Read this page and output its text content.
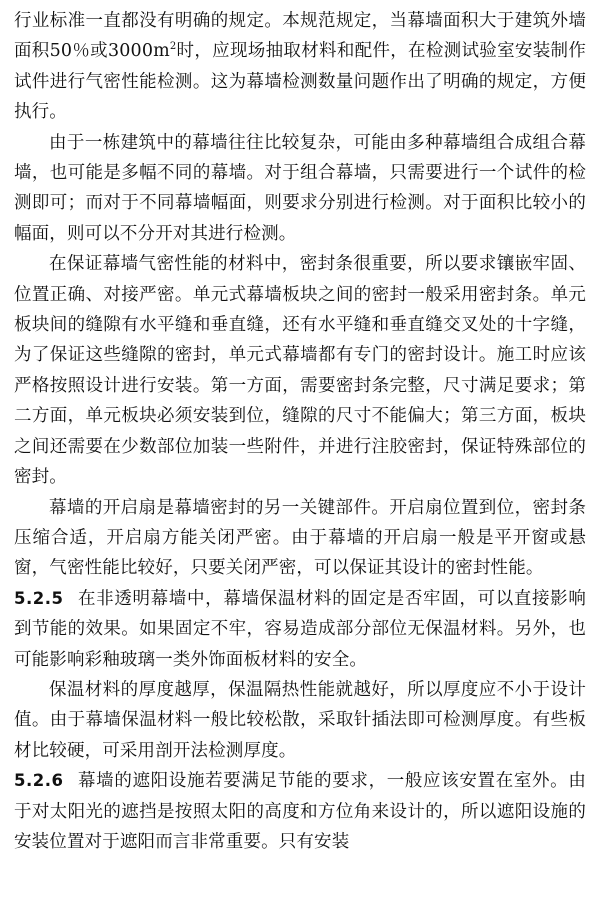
行业标准一直都没有明确的规定。本规范规定，当幕墙面积大于建筑外墙面积50％或$3000m^2$时，应现场抽取材料和配件，在检测试验室安装制作试件进行气密性能检测。这为幕墙检测数量问题作出了明确的规定，方便执行。

由于一栋建筑中的幕墙往往比较复杂，可能由多种幕墙组合成组合幕墙，也可能是多幅不同的幕墙。对于组合幕墙，只需要进行一个试件的检测即可；而对于不同幕墙幅面，则要求分别进行检测。对于面积比较小的幅面，则可以不分开对其进行检测。

在保证幕墙气密性能的材料中，密封条很重要，所以要求镶嵌牢固、位置正确、对接严密。单元式幕墙板块之间的密封一般采用密封条。单元板块间的缝隙有水平缝和垂直缝，还有水平缝和垂直缝交叉处的十字缝，为了保证这些缝隙的密封，单元式幕墙都有专门的密封设计。施工时应该严格按照设计进行安装。第一方面，需要密封条完整，尺寸满足要求；第二方面，单元板块必须安装到位，缝隙的尺寸不能偏大；第三方面，板块之间还需要在少数部位加装一些附件，并进行注胶密封，保证特殊部位的密封。

幕墙的开启扇是幕墙密封的另一关键部件。开启扇位置到位，密封条压缩合适，开启扇方能关闭严密。由于幕墙的开启扇一般是平开窗或悬窗，气密性能比较好，只要关闭严密，可以保证其设计的密封性能。

5.2.5 在非透明幕墙中，幕墙保温材料的固定是否牢固，可以直接影响到节能的效果。如果固定不牢，容易造成部分部位无保温材料。另外，也可能影响彩釉玻璃一类外饰面板材料的安全。

保温材料的厚度越厚，保温隔热性能就越好，所以厚度应不小于设计值。由于幕墙保温材料一般比较松散，采取针插法即可检测厚度。有些板材比较硬，可采用剖开法检测厚度。

5.2.6 幕墙的遮阳设施若要满足节能的要求，一般应该安置在室外。由于对太阳光的遮挡是按照太阳的高度和方位角来设计的，所以遮阳设施的安装位置对于遮阳而言非常重要。只有安装
